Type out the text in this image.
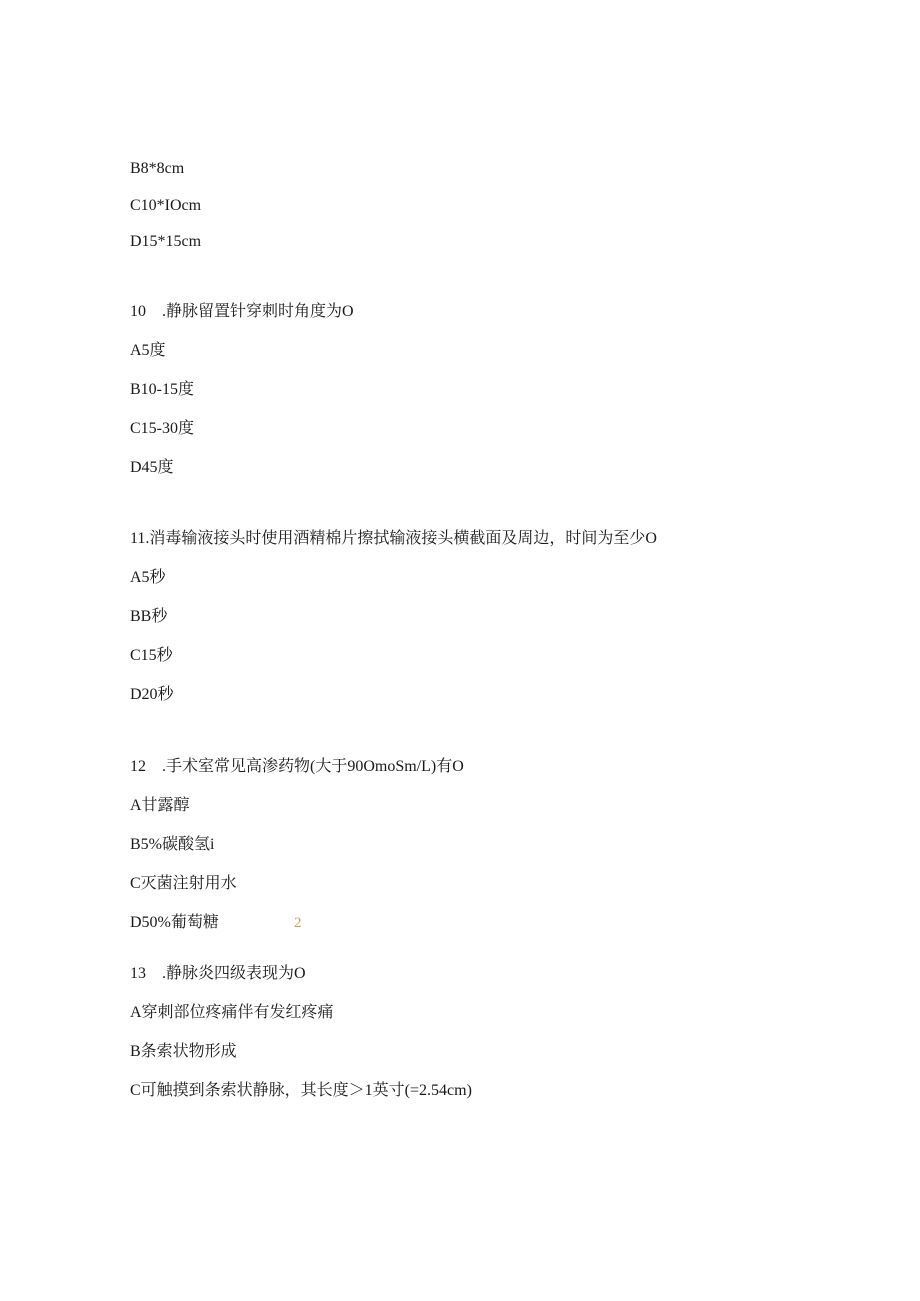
B8*8cm
C10*IOcm
D15*15cm
10　.静脉留置针穿刺时角度为O
A5度
B10-15度
C15-30度
D45度
11.消毒输液接头时使用酒精棉片擦拭输液接头横截面及周边，时间为至少O
A5秒
BB秒
C15秒
D20秒
12　.手术室常见高渗药物(大于90OmoSm/L)有O
A甘露醇
B5%碳酸氢i
C灭菌注射用水
D50%葡萄糖	2
13　.静脉炎四级表现为O
A穿刺部位疼痛伴有发红疼痛
B条索状物形成
C可触摸到条索状静脉，其长度＞1英寸(=2.54cm)
